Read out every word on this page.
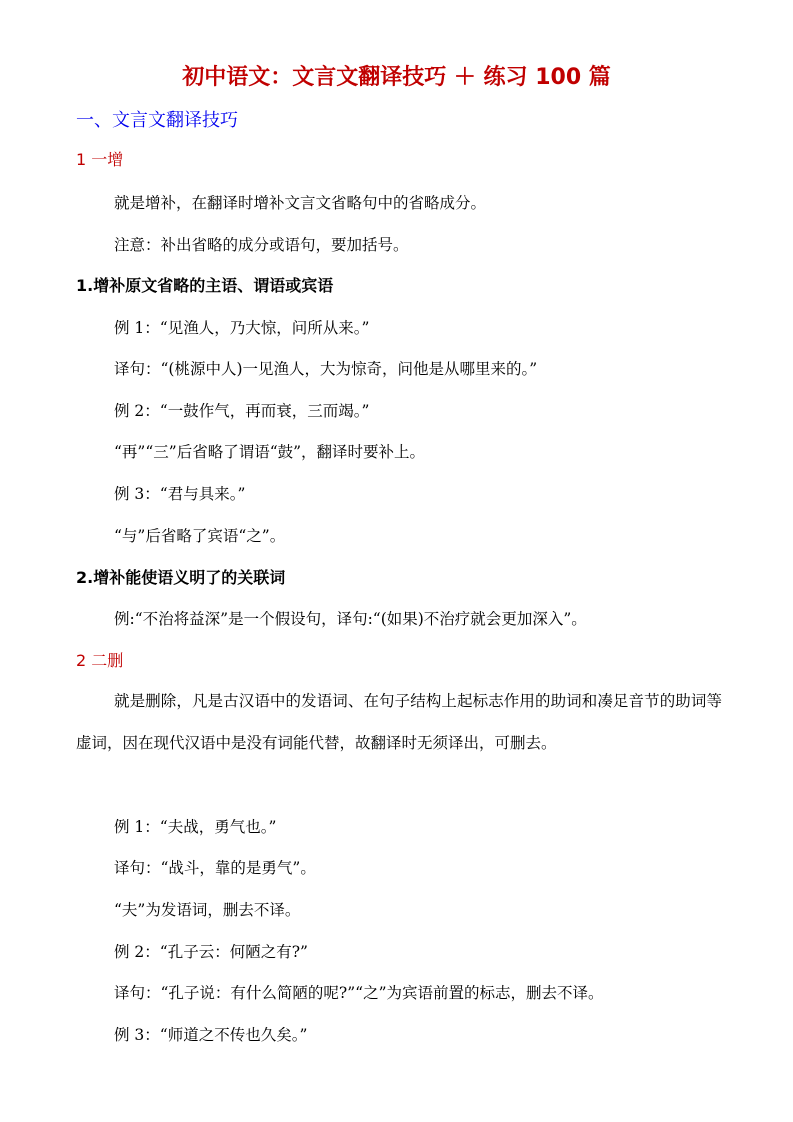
初中语文：文言文翻译技巧 ＋ 练习 100 篇
一、文言文翻译技巧
1 一增
就是增补，在翻译时增补文言文省略句中的省略成分。
注意：补出省略的成分或语句，要加括号。
1.增补原文省略的主语、谓语或宾语
例 1：“见渔人，乃大惊，问所从来。”
译句：“(桃源中人)一见渔人，大为惊奇，问他是从哪里来的。”
例 2：“一鼓作气，再而衰，三而竭。”
“再”“三”后省略了谓语“鼓”，翻译时要补上。
例 3：“君与具来。”
“与”后省略了宾语“之”。
2.增补能使语义明了的关联词
例:“不治将益深”是一个假设句，译句:“(如果)不治疗就会更加深入”。
2 二删
就是删除，凡是古汉语中的发语词、在句子结构上起标志作用的助词和凑足音节的助词等虚词，因在现代汉语中是没有词能代替，故翻译时无须译出，可删去。
例 1：“夫战，勇气也。”
译句：“战斗，靠的是勇气”。
“夫”为发语词，删去不译。
例 2：“孔子云：何陋之有?”
译句：“孔子说：有什么简陋的呢?”“之”为宾语前置的标志，删去不译。
例 3：“师道之不传也久矣。”
